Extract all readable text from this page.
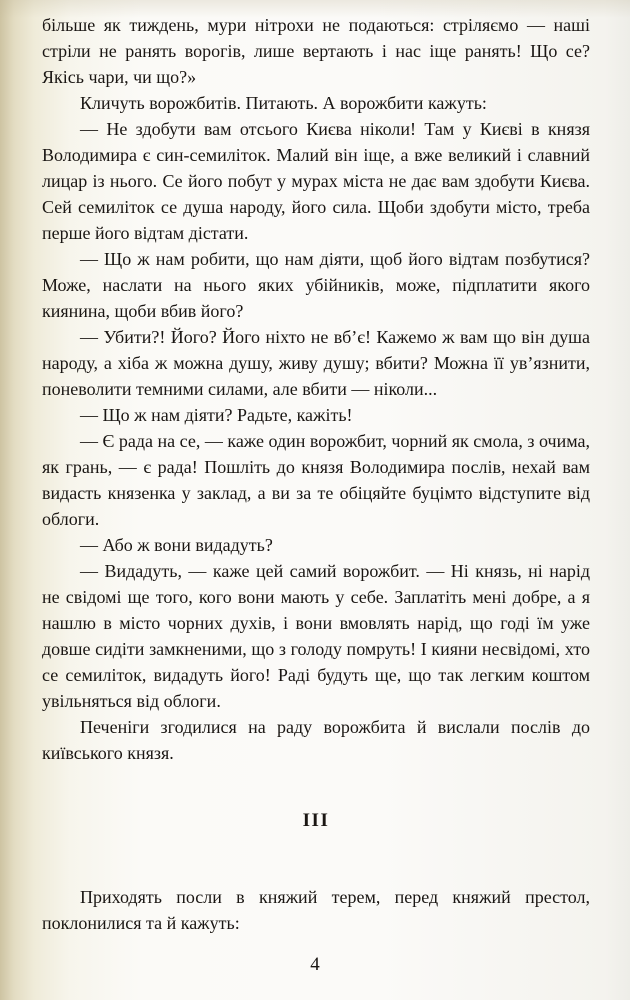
більше як тиждень, мури нітрохи не подаються: стріляємо — наші стріли не ранять ворогів, лише вертають і нас іще ранять! Що се? Якісь чари, чи що?»

Кличуть ворожбитів. Питають. А ворожбити кажуть:

— Не здобути вам отсього Києва ніколи! Там у Києві в князя Володимира є син-семиліток. Малий він іще, а вже великий і славний лицар із нього. Се його побут у мурах міста не дає вам здобути Києва. Сей семиліток се душа народу, його сила. Щоби здобути місто, треба перше його відтам дістати.

— Що ж нам робити, що нам діяти, щоб його відтам позбутися? Може, наслати на нього яких убійників, може, підплатити якого киянина, щоби вбив його?

— Убити?! Його? Його ніхто не вб’є! Кажемо ж вам що він душа народу, а хіба ж можна душу, живу душу; вбити? Можна її ув’язнити, поневолити темними силами, але вбити — ніколи...

— Що ж нам діяти? Радьте, кажіть!

— Є рада на се, — каже один ворожбит, чорний як смола, з очима, як грань, — є рада! Пошліть до князя Володимира послів, нехай вам видасть князенка у заклад, а ви за те обіцяйте буцімто відступите від облоги.

— Або ж вони видадуть?

— Видадуть, — каже цей самий ворожбит. — Ні князь, ні нарід не свідомі ще того, кого вони мають у себе. Заплатіть мені добре, а я нашлю в місто чорних духів, і вони вмовлять нарід, що годі їм уже довше сидіти замкненими, що з голоду помруть! І кияни несвідомі, хто се семиліток, видадуть його! Раді будуть ще, що так легким коштом увільняться від облоги.

Печеніги згодилися на раду ворожбита й вислали послів до київського князя.

III

Приходять посли в княжий терем, перед княжий престол, поклонилися та й кажуть:

4
